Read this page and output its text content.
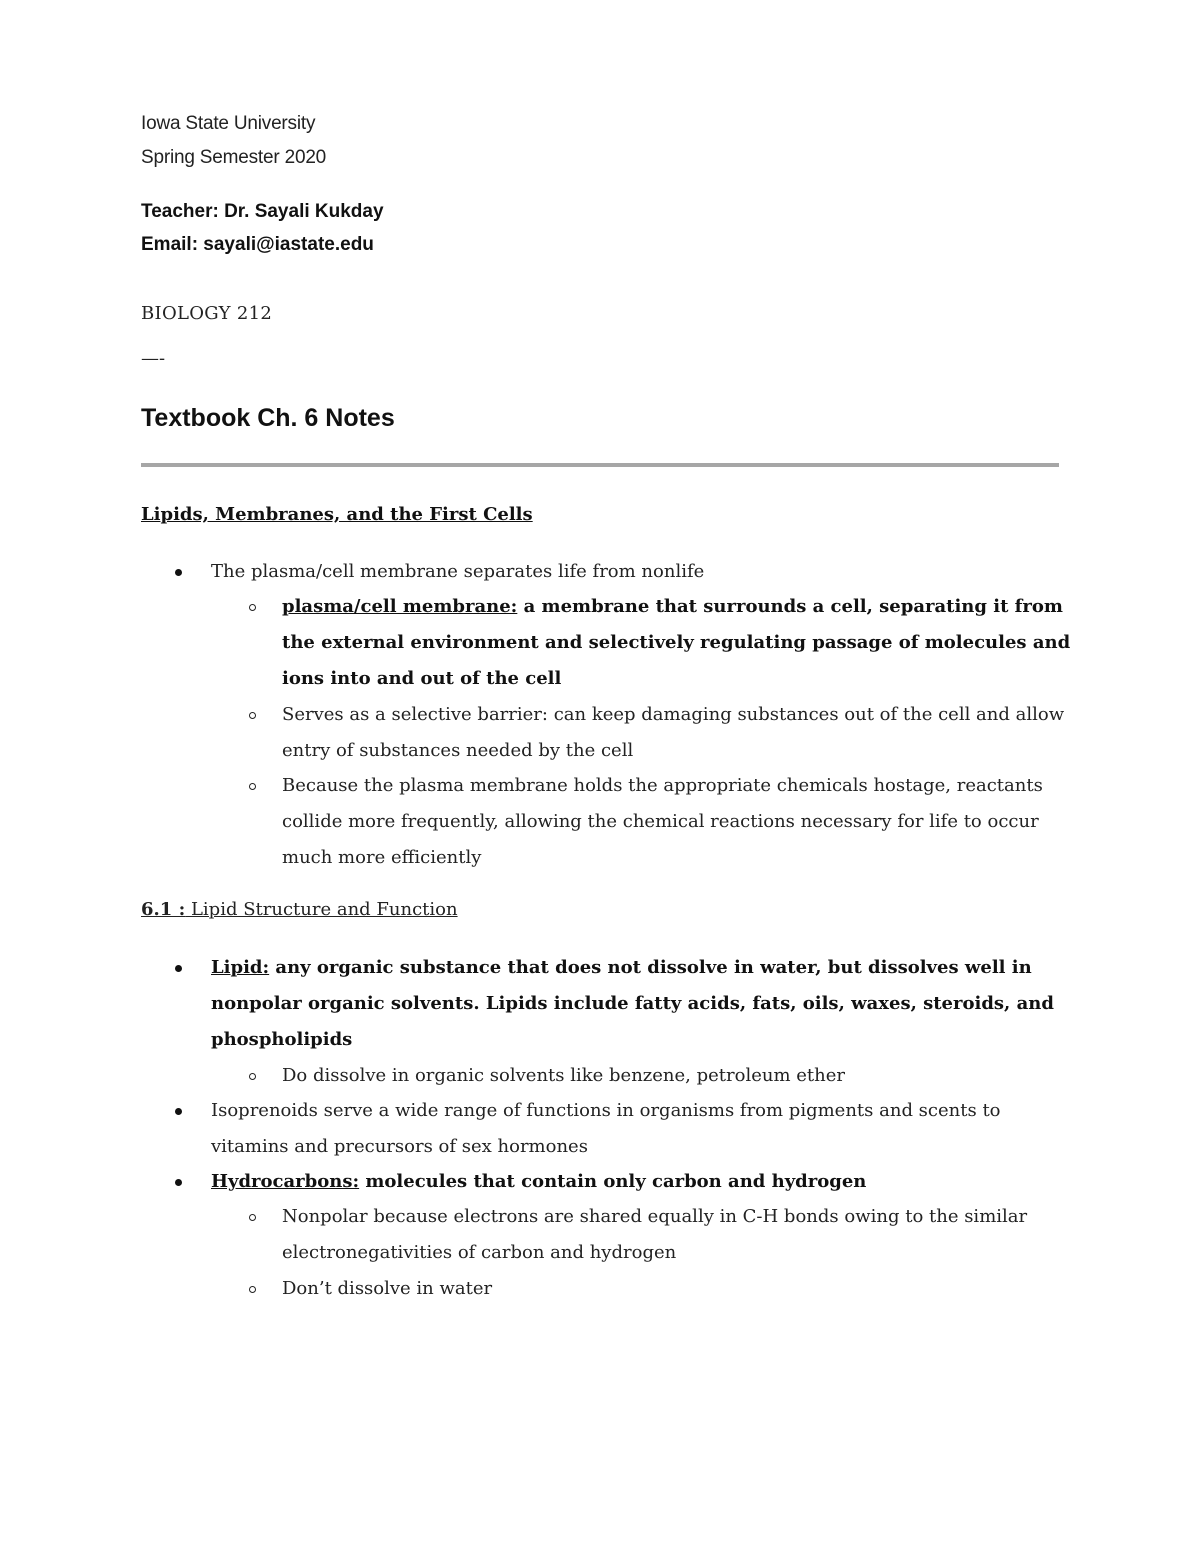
Iowa State University
Spring Semester 2020
Teacher: Dr. Sayali Kukday
Email: sayali@iastate.edu
BIOLOGY 212
—-
Textbook Ch. 6 Notes
Lipids, Membranes, and the First Cells
The plasma/cell membrane separates life from nonlife
plasma/cell membrane: a membrane that surrounds a cell, separating it from the external environment and selectively regulating passage of molecules and ions into and out of the cell
Serves as a selective barrier: can keep damaging substances out of the cell and allow entry of substances needed by the cell
Because the plasma membrane holds the appropriate chemicals hostage, reactants collide more frequently, allowing the chemical reactions necessary for life to occur much more efficiently
6.1 : Lipid Structure and Function
Lipid: any organic substance that does not dissolve in water, but dissolves well in nonpolar organic solvents. Lipids include fatty acids, fats, oils, waxes, steroids, and phospholipids
Do dissolve in organic solvents like benzene, petroleum ether
Isoprenoids serve a wide range of functions in organisms from pigments and scents to vitamins and precursors of sex hormones
Hydrocarbons: molecules that contain only carbon and hydrogen
Nonpolar because electrons are shared equally in C-H bonds owing to the similar electronegativities of carbon and hydrogen
Don’t dissolve in water
